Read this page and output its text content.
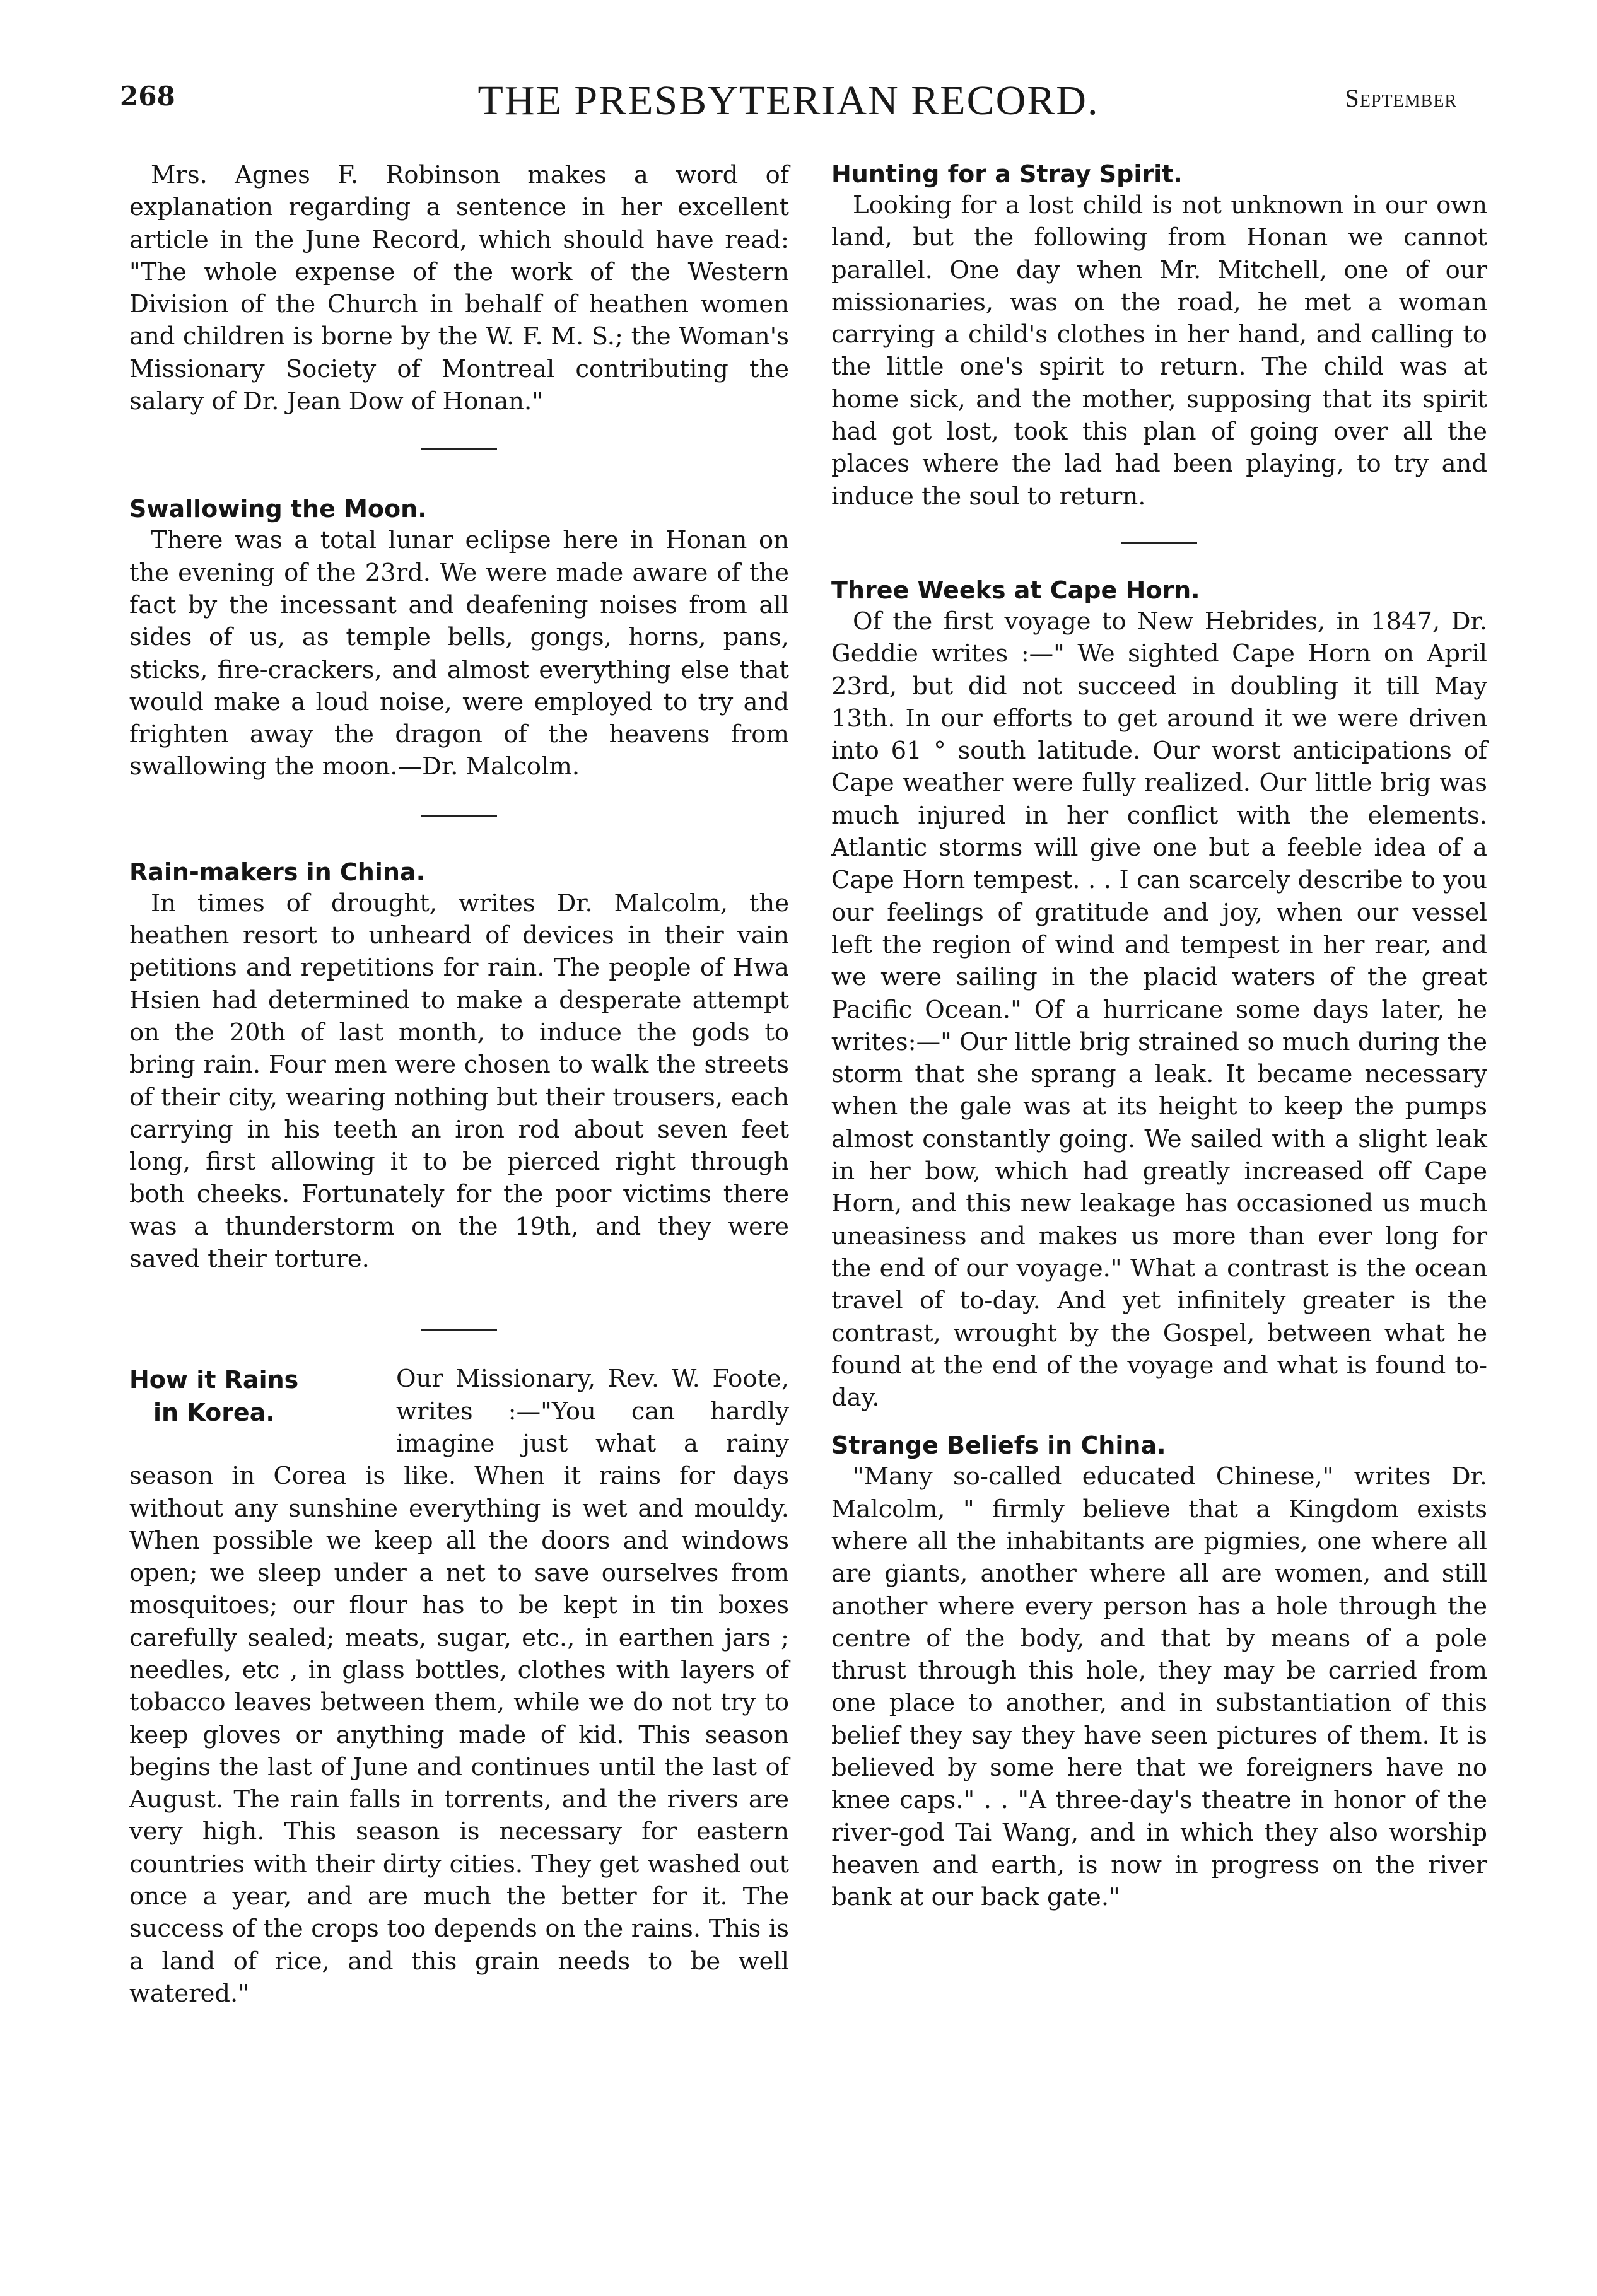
268	THE PRESBYTERIAN RECORD.	September

Mrs. Agnes F. Robinson makes a word of explanation regarding a sentence in her excellent article in the June Record, which should have read: "The whole expense of the work of the Western Division of the Church in behalf of heathen women and children is borne by the W. F. M. S.; the Woman's Missionary Society of Montreal contributing the salary of Dr. Jean Dow of Honan."

Swallowing the Moon.

There was a total lunar eclipse here in Honan on the evening of the 23rd. We were made aware of the fact by the incessant and deafening noises from all sides of us, as temple bells, gongs, horns, pans, sticks, fire-crackers, and almost everything else that would make a loud noise, were employed to try and frighten away the dragon of the heavens from swallowing the moon.—Dr. Malcolm.

Rain-makers in China.

In times of drought, writes Dr. Malcolm, the heathen resort to unheard of devices in their vain petitions and repetitions for rain. The people of Hwa Hsien had determined to make a desperate attempt on the 20th of last month, to induce the gods to bring rain. Four men were chosen to walk the streets of their city, wearing nothing but their trousers, each carrying in his teeth an iron rod about seven feet long, first allowing it to be pierced right through both cheeks. Fortunately for the poor victims there was a thunderstorm on the 19th, and they were saved their torture.

How it Rains
in Korea.

Our Missionary, Rev. W. Foote, writes :—"You can hardly imagine just what a rainy season in Corea is like. When it rains for days without any sunshine everything is wet and mouldy. When possible we keep all the doors and windows open; we sleep under a net to save ourselves from mosquitoes; our flour has to be kept in tin boxes carefully sealed; meats, sugar, etc., in earthen jars ; needles, etc , in glass bottles, clothes with layers of tobacco leaves between them, while we do not try to keep gloves or anything made of kid. This season begins the last of June and continues until the last of August. The rain falls in torrents, and the rivers are very high. This season is necessary for eastern countries with their dirty cities. They get washed out once a year, and are much the better for it. The success of the crops too depends on the rains. This is a land of rice, and this grain needs to be well watered."

Hunting for a Stray Spirit.

Looking for a lost child is not unknown in our own land, but the following from Honan we cannot parallel. One day when Mr. Mitchell, one of our missionaries, was on the road, he met a woman carrying a child's clothes in her hand, and calling to the little one's spirit to return. The child was at home sick, and the mother, supposing that its spirit had got lost, took this plan of going over all the places where the lad had been playing, to try and induce the soul to return.

Three Weeks at Cape Horn.

Of the first voyage to New Hebrides, in 1847, Dr. Geddie writes :—" We sighted Cape Horn on April 23rd, but did not succeed in doubling it till May 13th. In our efforts to get around it we were driven into 61 ° south latitude. Our worst anticipations of Cape weather were fully realized. Our little brig was much injured in her conflict with the elements. Atlantic storms will give one but a feeble idea of a Cape Horn tempest. . . I can scarcely describe to you our feelings of gratitude and joy, when our vessel left the region of wind and tempest in her rear, and we were sailing in the placid waters of the great Pacific Ocean." Of a hurricane some days later, he writes:—" Our little brig strained so much during the storm that she sprang a leak. It became necessary when the gale was at its height to keep the pumps almost constantly going. We sailed with a slight leak in her bow, which had greatly increased off Cape Horn, and this new leakage has occasioned us much uneasiness and makes us more than ever long for the end of our voyage." What a contrast is the ocean travel of to-day. And yet infinitely greater is the contrast, wrought by the Gospel, between what he found at the end of the voyage and what is found to-day.

Strange Beliefs in China.

"Many so-called educated Chinese," writes Dr. Malcolm, " firmly believe that a Kingdom exists where all the inhabitants are pigmies, one where all are giants, another where all are women, and still another where every person has a hole through the centre of the body, and that by means of a pole thrust through this hole, they may be carried from one place to another, and in substantiation of this belief they say they have seen pictures of them. It is believed by some here that we foreigners have no knee caps." . . "A three-day's theatre in honor of the river-god Tai Wang, and in which they also worship heaven and earth, is now in progress on the river bank at our back gate."
